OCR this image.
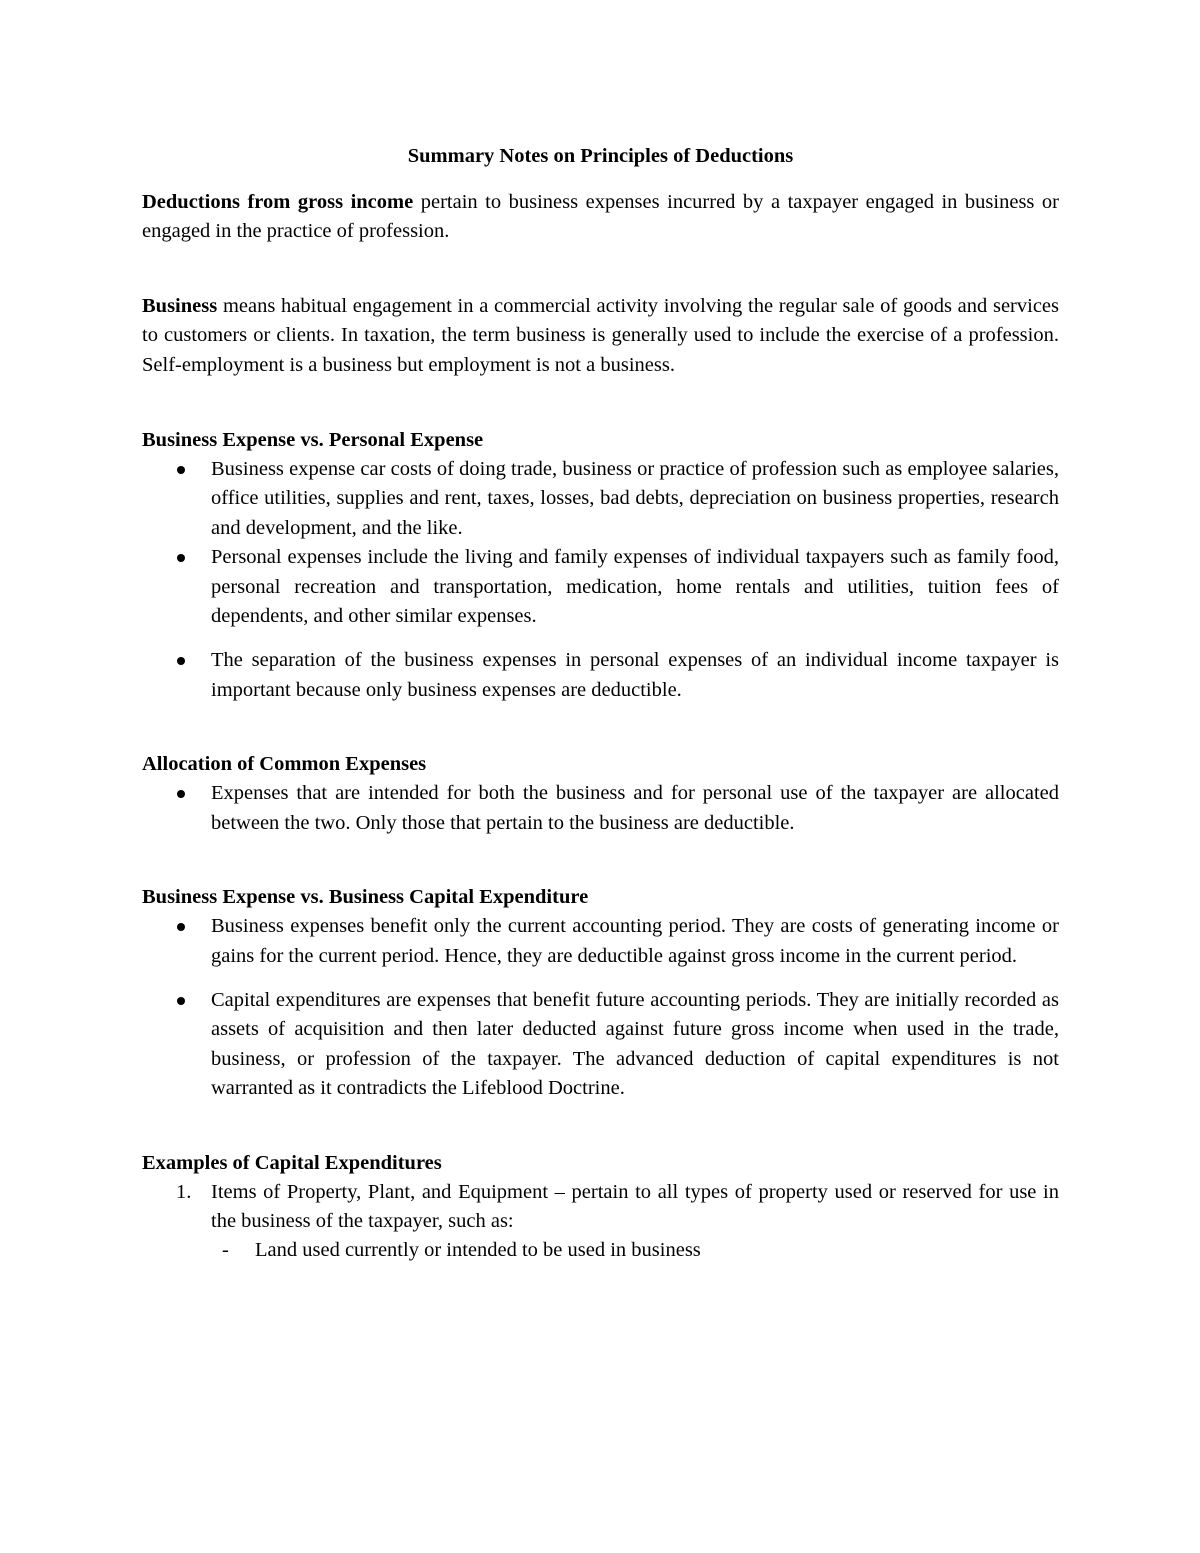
Summary Notes on Principles of Deductions

Deductions from gross income pertain to business expenses incurred by a taxpayer engaged in business or engaged in the practice of profession.

Business means habitual engagement in a commercial activity involving the regular sale of goods and services to customers or clients. In taxation, the term business is generally used to include the exercise of a profession. Self-employment is a business but employment is not a business.

Business Expense vs. Personal Expense
Business expense car costs of doing trade, business or practice of profession such as employee salaries, office utilities, supplies and rent, taxes, losses, bad debts, depreciation on business properties, research and development, and the like.
Personal expenses include the living and family expenses of individual taxpayers such as family food, personal recreation and transportation, medication, home rentals and utilities, tuition fees of dependents, and other similar expenses.
The separation of the business expenses in personal expenses of an individual income taxpayer is important because only business expenses are deductible.
Allocation of Common Expenses
Expenses that are intended for both the business and for personal use of the taxpayer are allocated between the two. Only those that pertain to the business are deductible.
Business Expense vs. Business Capital Expenditure
Business expenses benefit only the current accounting period. They are costs of generating income or gains for the current period. Hence, they are deductible against gross income in the current period.
Capital expenditures are expenses that benefit future accounting periods. They are initially recorded as assets of acquisition and then later deducted against future gross income when used in the trade, business, or profession of the taxpayer. The advanced deduction of capital expenditures is not warranted as it contradicts the Lifeblood Doctrine.
Examples of Capital Expenditures
1. Items of Property, Plant, and Equipment – pertain to all types of property used or reserved for use in the business of the taxpayer, such as:
- Land used currently or intended to be used in business
